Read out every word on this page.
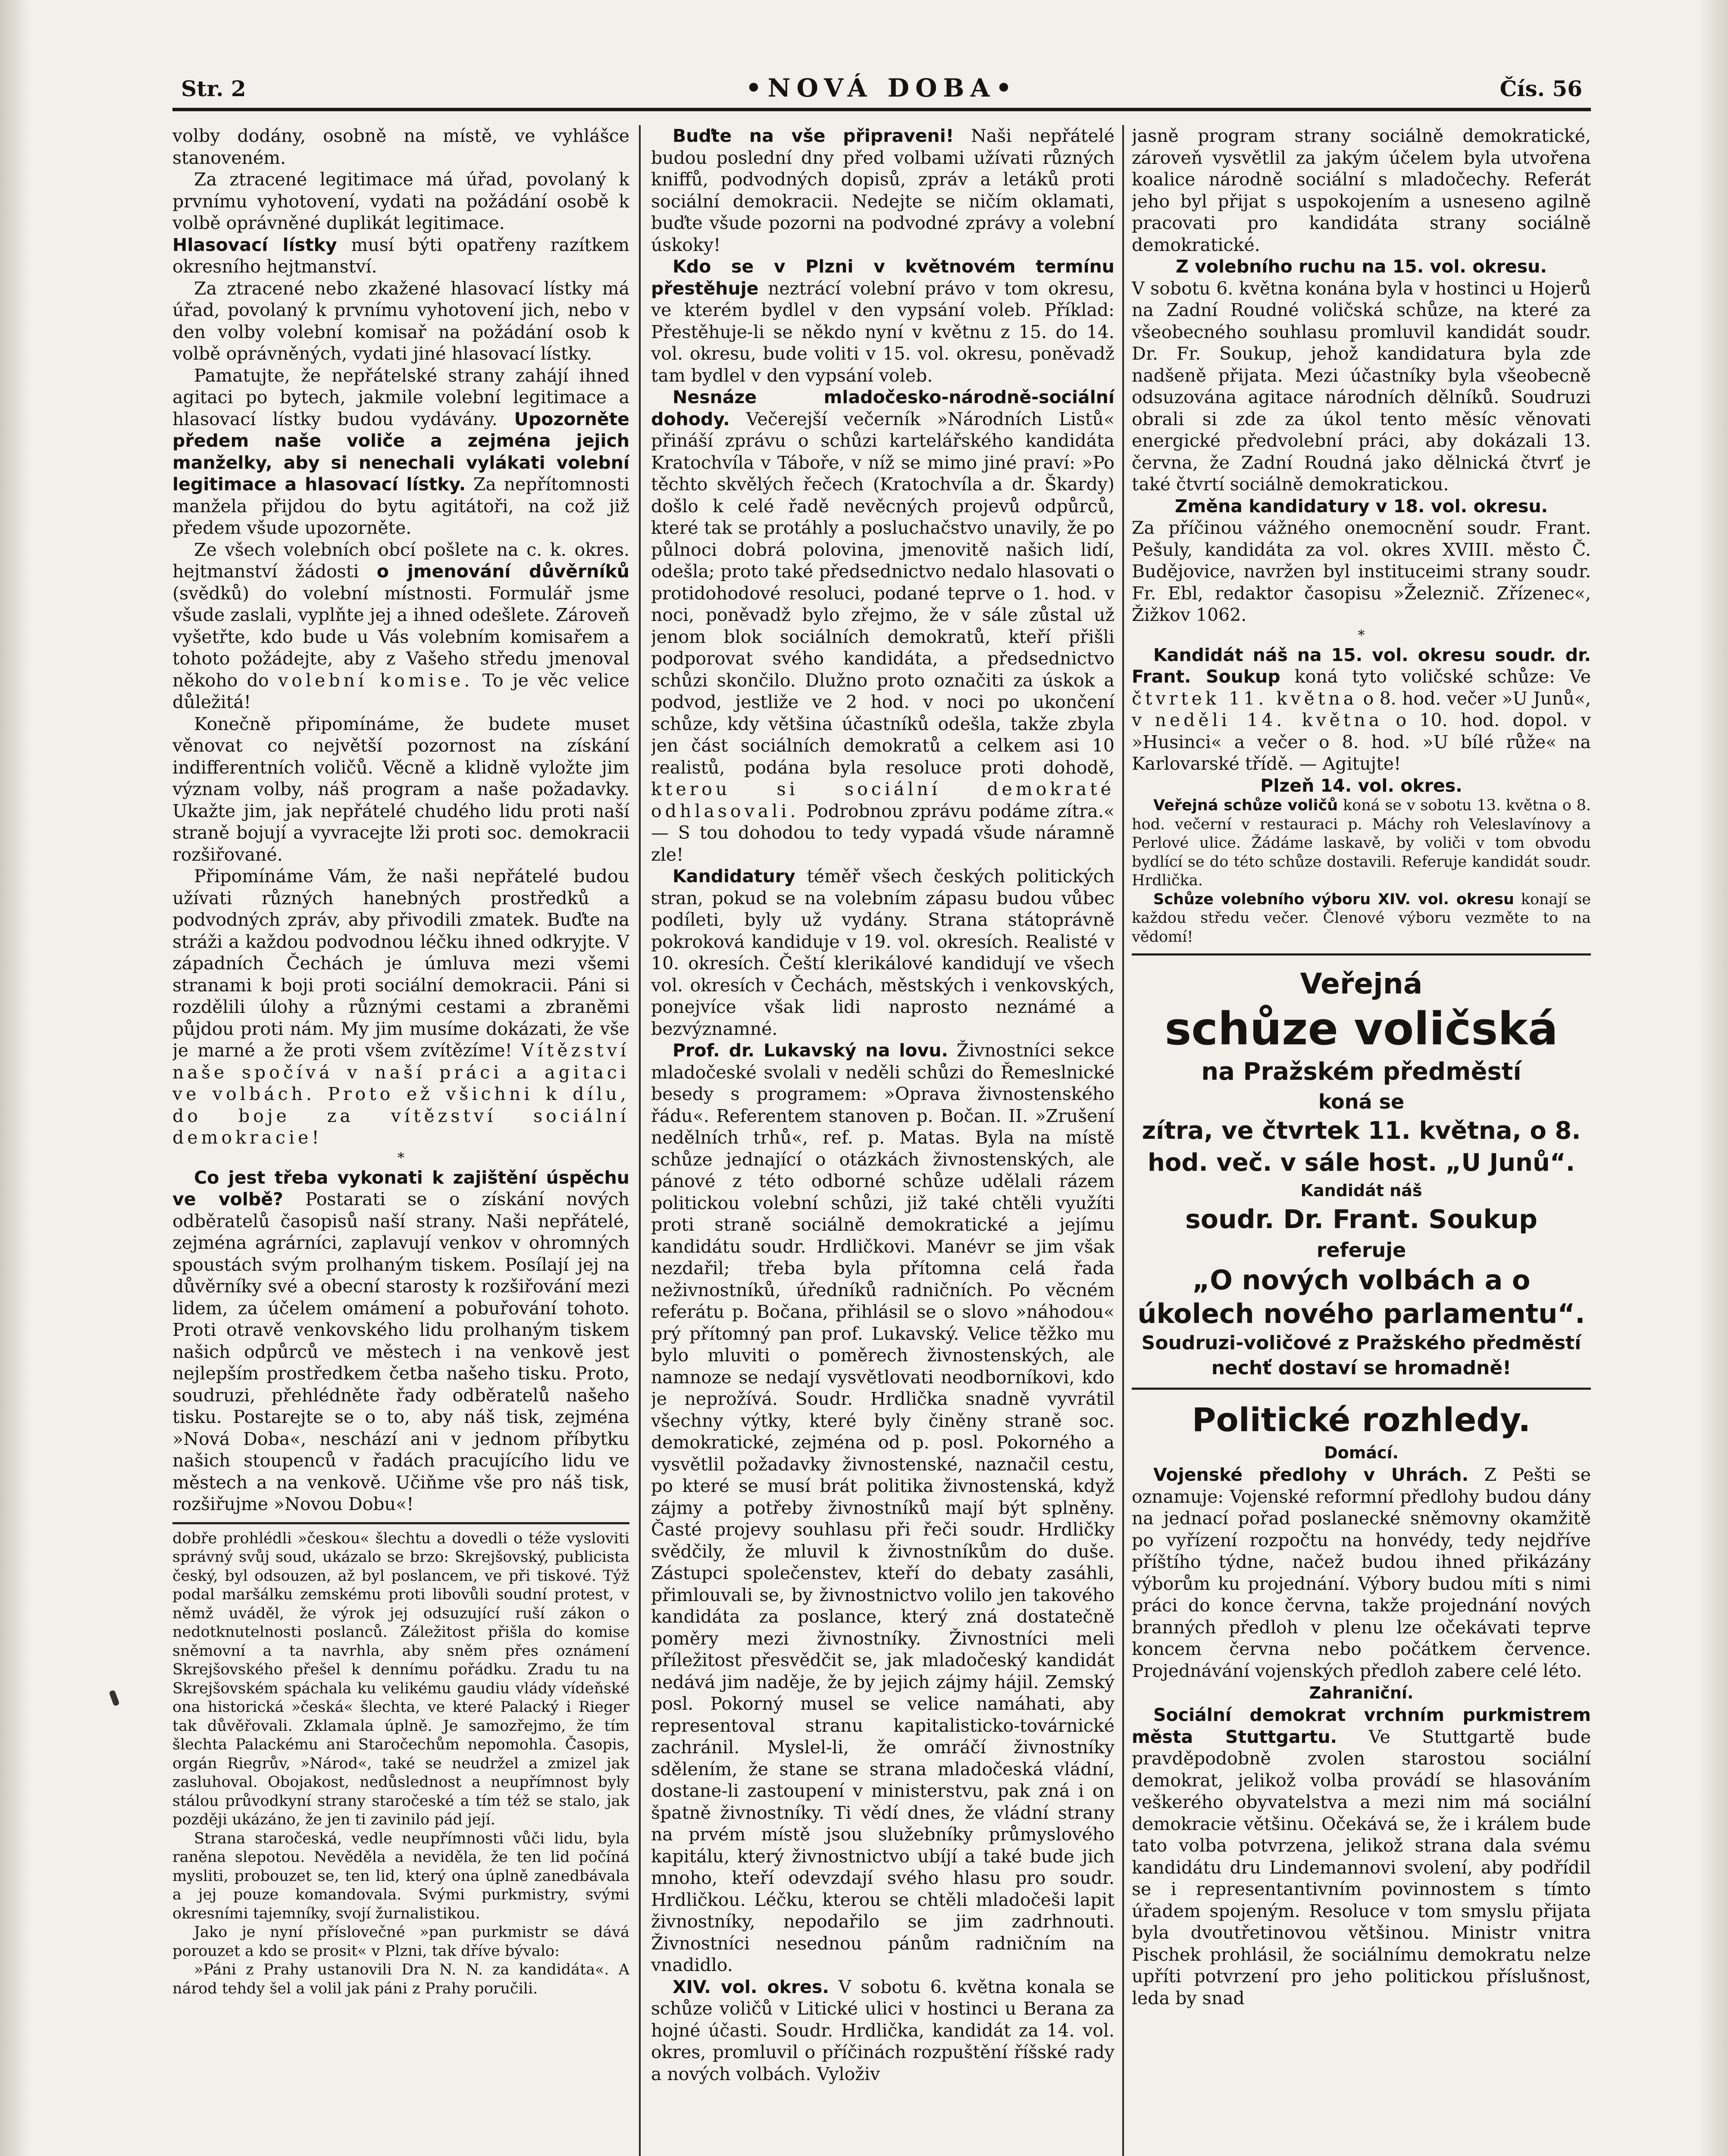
Str. 2	•NOVÁ DOBA•	Čís. 56

volby dodány, osobně na místě, ve vyhlášce stanoveném.

Za ztracené legitimace má úřad, povolaný k prvnímu vyhotovení, vydati na požádání osobě k volbě oprávněné duplikát legitimace.

Hlasovací lístky musí býti opatřeny razítkem okresního hejtmanství.

Za ztracené nebo zkažené hlasovací lístky má úřad, povolaný k prvnímu vyhotovení jich, nebo v den volby volební komisař na požádání osob k volbě oprávněných, vydati jiné hlasovací lístky.

Pamatujte, že nepřátelské strany zahájí ihned agitaci po bytech, jakmile volební legitimace a hlasovací lístky budou vydávány. Upozorněte předem naše voliče a zejména jejich manželky, aby si nenechali vylákati volební legitimace a hlasovací lístky. Za nepřítomnosti manžela přijdou do bytu agitátoři, na což již předem všude upozorněte.

Ze všech volebních obcí pošlete na c. k. okres. hejtmanství žádosti o jmenování důvěrníků (svědků) do volební místnosti. Formulář jsme všude zaslali, vyplňte jej a ihned odešlete. Zároveň vyšetřte, kdo bude u Vás volebním komisařem a tohoto požádejte, aby z Vašeho středu jmenoval někoho do volební komise. To je věc velice důležitá!

Konečně připomínáme, že budete muset věnovat co největší pozornost na získání indifferentních voličů. Věcně a klidně vyložte jim význam volby, náš program a naše požadavky. Ukažte jim, jak nepřátelé chudého lidu proti naší straně bojují a vyvracejte lži proti soc. demokracii rozšiřované.

Připomínáme Vám, že naši nepřátelé budou užívati různých hanebných prostředků a podvodných zpráv, aby přivodili zmatek. Buďte na stráži a každou podvodnou léčku ihned odkryjte. V západních Čechách je úmluva mezi všemi stranami k boji proti sociální demokracii. Páni si rozdělili úlohy a různými cestami a zbraněmi půjdou proti nám. My jim musíme dokázati, že vše je marné a že proti všem zvítězíme! Vítězství naše spočívá v naší práci a agitaci ve volbách. Proto ež všichni k dílu, do boje za vítězství sociální demokracie!

*

Co jest třeba vykonati k zajištění úspěchu ve volbě? Postarati se o získání nových odběratelů časopisů naší strany. Naši nepřátelé, zejména agrárníci, zaplavují venkov v ohromných spoustách svým prolhaným tiskem. Posílají jej na důvěrníky své a obecní starosty k rozšiřování mezi lidem, za účelem omámení a pobuřování tohoto. Proti otravě venkovského lidu prolhaným tiskem našich odpůrců ve městech i na venkově jest nejlepším prostředkem četba našeho tisku. Proto, soudruzi, přehlédněte řady odběratelů našeho tisku. Postarejte se o to, aby náš tisk, zejména »Nová Doba«, neschází ani v jednom příbytku našich stoupenců v řadách pracujícího lidu ve městech a na venkově. Učiňme vše pro náš tisk, rozšiřujme »Novou Dobu«!

dobře prohlédli »českou« šlechtu a dovedli o téže vysloviti správný svůj soud, ukázalo se brzo: Skrejšovský, publicista český, byl odsouzen, až byl poslancem, ve při tiskové. Týž podal maršálku zemskému proti libovůli soudní protest, v němž uváděl, že výrok jej odsuzující ruší zákon o nedotknutelnosti poslanců. Záležitost přišla do komise sněmovní a ta navrhla, aby sněm přes oznámení Skrejšovského přešel k dennímu pořádku. Zradu tu na Skrejšovském spáchala ku velikému gaudiu vlády vídeňské ona historická »česká« šlechta, ve které Palacký i Rieger tak důvěřovali. Zklamala úplně. Je samozřejmo, že tím šlechta Palackému ani Staročechům nepomohla. Časopis, orgán Riegrův, »Národ«, také se neudržel a zmizel jak zasluhoval. Obojakost, nedůslednost a neupřímnost byly stálou průvodkyní strany staročeské a tím též se stalo, jak později ukázáno, že jen ti zavinilo pád její.

Strana staročeská, vedle neupřímnosti vůči lidu, byla raněna slepotou. Nevěděla a neviděla, že ten lid počíná mysliti, probouzet se, ten lid, který ona úplně zanedbávala a jej pouze komandovala. Svými purkmistry, svými okresními tajemníky, svojí žurnalistikou.

Jako je nyní příslovečné »pan purkmistr se dává porouzet a kdo se prosit« v Plzni, tak dříve bývalo:

»Páni z Prahy ustanovili Dra N. N. za kandidáta«. A národ tehdy šel a volil jak páni z Prahy poručili.

Buďte na vše připraveni! Naši nepřátelé budou poslední dny před volbami užívati různých kniffů, podvodných dopisů, zpráv a letáků proti sociální demokracii. Nedejte se ničím oklamati, buďte všude pozorni na podvodné zprávy a volební úskoky!

Kdo se v Plzni v květnovém termínu přestěhuje neztrácí volební právo v tom okresu, ve kterém bydlel v den vypsání voleb. Příklad: Přestěhuje-li se někdo nyní v květnu z 15. do 14. vol. okresu, bude voliti v 15. vol. okresu, poněvadž tam bydlel v den vypsání voleb.

Nesnáze mladočesko-národně-sociální dohody. Večerejší večerník »Národních Listů« přináší zprávu o schůzi kartelářského kandidáta Kratochvíla v Táboře, v níž se mimo jiné praví: »Po těchto skvělých řečech (Kratochvíla a dr. Škardy) došlo k celé řadě nevěcných projevů odpůrců, které tak se protáhly a posluchačstvo unavily, že po půlnoci dobrá polovina, jmenovitě našich lidí, odešla; proto také předsednictvo nedalo hlasovati o protidohodové resoluci, podané teprve o 1. hod. v noci, poněvadž bylo zřejmo, že v sále zůstal už jenom blok sociálních demokratů, kteří přišli podporovat svého kandidáta, a předsednictvo schůzi skončilo. Dlužno proto označiti za úskok a podvod, jestliže ve 2 hod. v noci po ukončení schůze, kdy většina účastníků odešla, takže zbyla jen část sociálních demokratů a celkem asi 10 realistů, podána byla resoluce proti dohodě, kterou si sociální demokraté odhlasovali. Podrobnou zprávu podáme zítra.« — S tou dohodou to tedy vypadá všude náramně zle!

Kandidatury téměř všech českých politických stran, pokud se na volebním zápasu budou vůbec podíleti, byly už vydány. Strana státoprávně pokroková kandiduje v 19. vol. okresích. Realisté v 10. okresích. Čeští klerikálové kandidují ve všech vol. okresích v Čechách, městských i venkovských, ponejvíce však lidi naprosto neznámé a bezvýznamné.

Prof. dr. Lukavský na lovu. Živnostníci sekce mladočeské svolali v neděli schůzi do Řemeslnické besedy s programem: »Oprava živnostenského řádu«. Referentem stanoven p. Bočan. II. »Zrušení nedělních trhů«, ref. p. Matas. Byla na místě schůze jednající o otázkách živnostenských, ale pánové z této odborné schůze udělali rázem politickou volební schůzi, již také chtěli využíti proti straně sociálně demokratické a jejímu kandidátu soudr. Hrdličkovi. Manévr se jim však nezdařil; třeba byla přítomna celá řada neživnostníků, úředníků radničních. Po věcném referátu p. Bočana, přihlásil se o slovo »náhodou« prý přítomný pan prof. Lukavský. Velice těžko mu bylo mluviti o poměrech živnostenských, ale namnoze se nedají vysvětlovati neodborníkovi, kdo je neprožívá. Soudr. Hrdlička snadně vyvrátil všechny výtky, které byly činěny straně soc. demokratické, zejména od p. posl. Pokorného a vysvětlil požadavky živnostenské, naznačil cestu, po které se musí brát politika živnostenská, když zájmy a potřeby živnostníků mají být splněny. Časté projevy souhlasu při řeči soudr. Hrdličky svědčily, že mluvil k živnostníkům do duše. Zástupci společenstev, kteří do debaty zasáhli, přimlouvali se, by živnostnictvo volilo jen takového kandidáta za poslance, který zná dostatečně poměry mezi živnostníky. Živnostníci meli příležitost přesvědčit se, jak mladočeský kandidát nedává jim naděje, že by jejich zájmy hájil. Zemský posl. Pokorný musel se velice namáhati, aby representoval stranu kapitalisticko-továrnické zachránil. Myslel-li, že omráčí živnostníky sdělením, že stane se strana mladočeská vládní, dostane-li zastoupení v ministerstvu, pak zná i on špatně živnostníky. Ti vědí dnes, že vládní strany na prvém místě jsou služebníky průmyslového kapitálu, který živnostnictvo ubíjí a také bude jich mnoho, kteří odevzdají svého hlasu pro soudr. Hrdličkou. Léčku, kterou se chtěli mladočeši lapit živnostníky, nepodařilo se jim zadrhnouti. Živnostníci nesednou pánům radničním na vnadidlo.

XIV. vol. okres. V sobotu 6. května konala se schůze voličů v Litické ulici v hostinci u Berana za hojné účasti. Soudr. Hrdlička, kandidát za 14. vol. okres, promluvil o příčinách rozpuštění říšské rady a nových volbách. Vyloživ

jasně program strany sociálně demokratické, zároveň vysvětlil za jakým účelem byla utvořena koalice národně sociální s mladočechy. Referát jeho byl přijat s uspokojením a usneseno agilně pracovati pro kandidáta strany sociálně demokratické.

Z volebního ruchu na 15. vol. okresu.

V sobotu 6. května konána byla v hostinci u Hojerů na Zadní Roudné voličská schůze, na které za všeobecného souhlasu promluvil kandidát soudr. Dr. Fr. Soukup, jehož kandidatura byla zde nadšeně přijata. Mezi účastníky byla všeobecně odsuzována agitace národních dělníků. Soudruzi obrali si zde za úkol tento měsíc věnovati energické předvolební práci, aby dokázali 13. června, že Zadní Roudná jako dělnická čtvrť je také čtvrtí sociálně demokratickou.

Změna kandidatury v 18. vol. okresu.

Za příčinou vážného onemocnění soudr. Frant. Pešuly, kandidáta za vol. okres XVIII. město Č. Budějovice, navržen byl instituceimi strany soudr. Fr. Ebl, redaktor časopisu »Železnič. Zřízenec«, Žižkov 1062.

*

Kandidát náš na 15. vol. okresu soudr. dr. Frant. Soukup koná tyto voličské schůze: Ve čtvrtek 11. května o 8. hod. večer »U Junů«, v neděli 14. května o 10. hod. dopol. v »Husinci« a večer o 8. hod. »U bílé růže« na Karlovarské třídě. — Agitujte!

Plzeň 14. vol. okres.

Veřejná schůze voličů koná se v sobotu 13. května o 8. hod. večerní v restauraci p. Máchy roh Veleslavínovy a Perlové ulice. Žádáme laskavě, by voliči v tom obvodu bydlící se do této schůze dostavili. Referuje kandidát soudr. Hrdlička.

Schůze volebního výboru XIV. vol. okresu konají se každou středu večer. Členové výboru vezměte to na vědomí!

Veřejná
schůze voličská
na Pražském předměstí
koná se
zítra, ve čtvrtek 11. května, o 8. hod. več. v sále host. „U Junů“.
Kandidát náš
soudr. Dr. Frant. Soukup
referuje
„O nových volbách a o úkolech nového parlamentu“.
Soudruzi-voličové z Pražského předměstí nechť dostaví se hromadně!
Politické rozhledy.
Domácí.

Vojenské předlohy v Uhrách. Z Pešti se oznamuje: Vojenské reformní předlohy budou dány na jednací pořad poslanecké sněmovny okamžitě po vyřízení rozpočtu na honvédy, tedy nejdříve příštího týdne, načež budou ihned přikázány výborům ku projednání. Výbory budou míti s nimi práci do konce června, takže projednání nových branných předloh v plenu lze očekávati teprve koncem června nebo počátkem července. Projednávání vojenských předloh zabere celé léto.

Zahraniční.

Sociální demokrat vrchním purkmistrem města Stuttgartu. Ve Stuttgartě bude pravděpodobně zvolen starostou sociální demokrat, jelikož volba provádí se hlasováním veškerého obyvatelstva a mezi nim má sociální demokracie většinu. Očekává se, že i králem bude tato volba potvrzena, jelikož strana dala svému kandidátu dru Lindemannovi svolení, aby podřídil se i representantivním povinnostem s tímto úřadem spojeným. Resoluce v tom smyslu přijata byla dvoutřetinovou většinou. Ministr vnitra Pischek prohlásil, že sociálnímu demokratu nelze upříti potvrzení pro jeho politickou příslušnost, leda by snad
